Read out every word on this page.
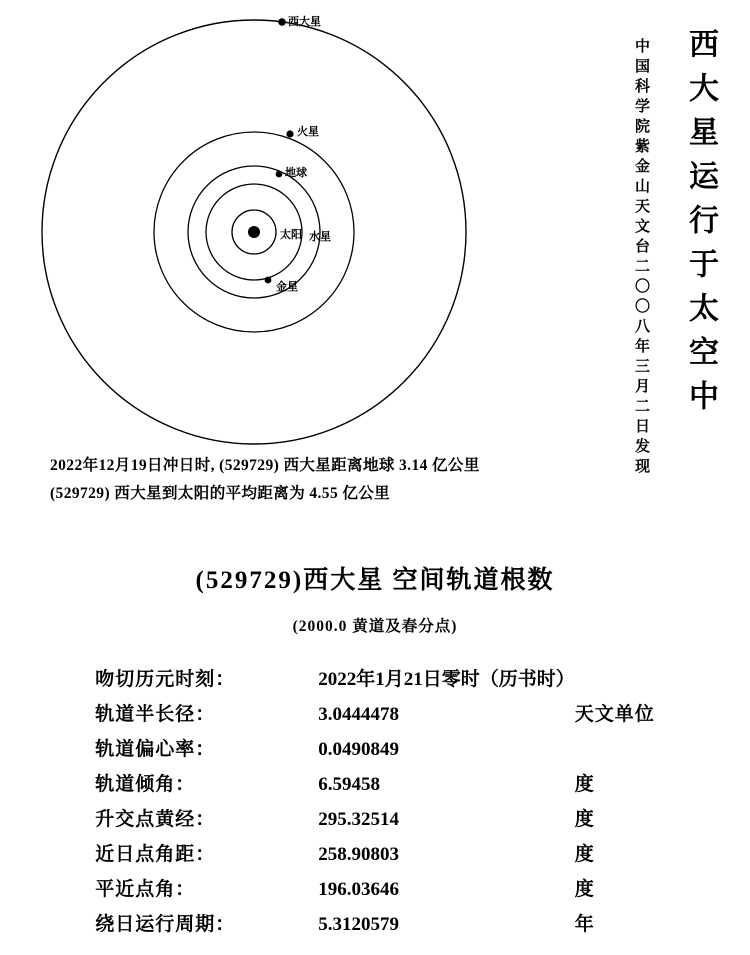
太阳 水星
金星
地球
火星
西大星
2022年12月19日冲日时, (529729) 西大星距离地球 3.14 亿公里
(529729) 西大星到太阳的平均距离为 4.55 亿公里
中国科学院紫金山天文台二〇〇八年三月二日发现 西大星运行于太空中
(529729)西大星 空间轨道根数
(2000.0 黄道及春分点)
吻切历元时刻：	2022年1月21日零时（历书时）	
轨道半长径：	3.0444478	天文单位
轨道偏心率：	0.0490849	
轨道倾角：	6.59458	度
升交点黄经：	295.32514	度
近日点角距：	258.90803	度
平近点角：	196.03646	度
绕日运行周期：	5.3120579	年
